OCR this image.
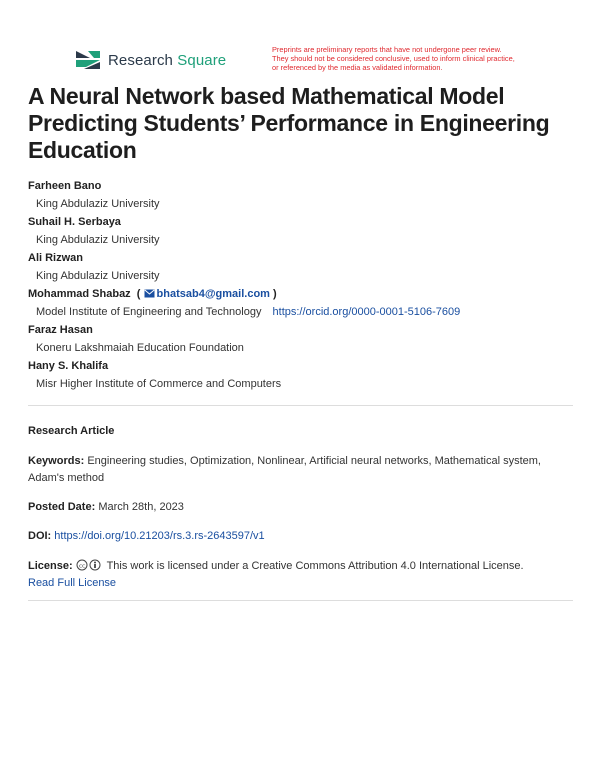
Research Square
Preprints are preliminary reports that have not undergone peer review.
They should not be considered conclusive, used to inform clinical practice,
or referenced by the media as validated information.
A Neural Network based Mathematical Model Predicting Students’ Performance in Engineering Education
Farheen Bano
King Abdulaziz University
Suhail H. Serbaya
King Abdulaziz University
Ali Rizwan
King Abdulaziz University
Mohammad Shabaz  ( bhatsab4@gmail.com )
Model Institute of Engineering and Technology https://orcid.org/0000-0001-5106-7609
Faraz Hasan
Koneru Lakshmaiah Education Foundation
Hany S. Khalifa
Misr Higher Institute of Commerce and Computers
Research Article
Keywords: Engineering studies, Optimization, Nonlinear, Artificial neural networks, Mathematical system,
Adam's method
Posted Date: March 28th, 2023
DOI: https://doi.org/10.21203/rs.3.rs-2643597/v1
License: cc This work is licensed under a Creative Commons Attribution 4.0 International License.
Read Full License
